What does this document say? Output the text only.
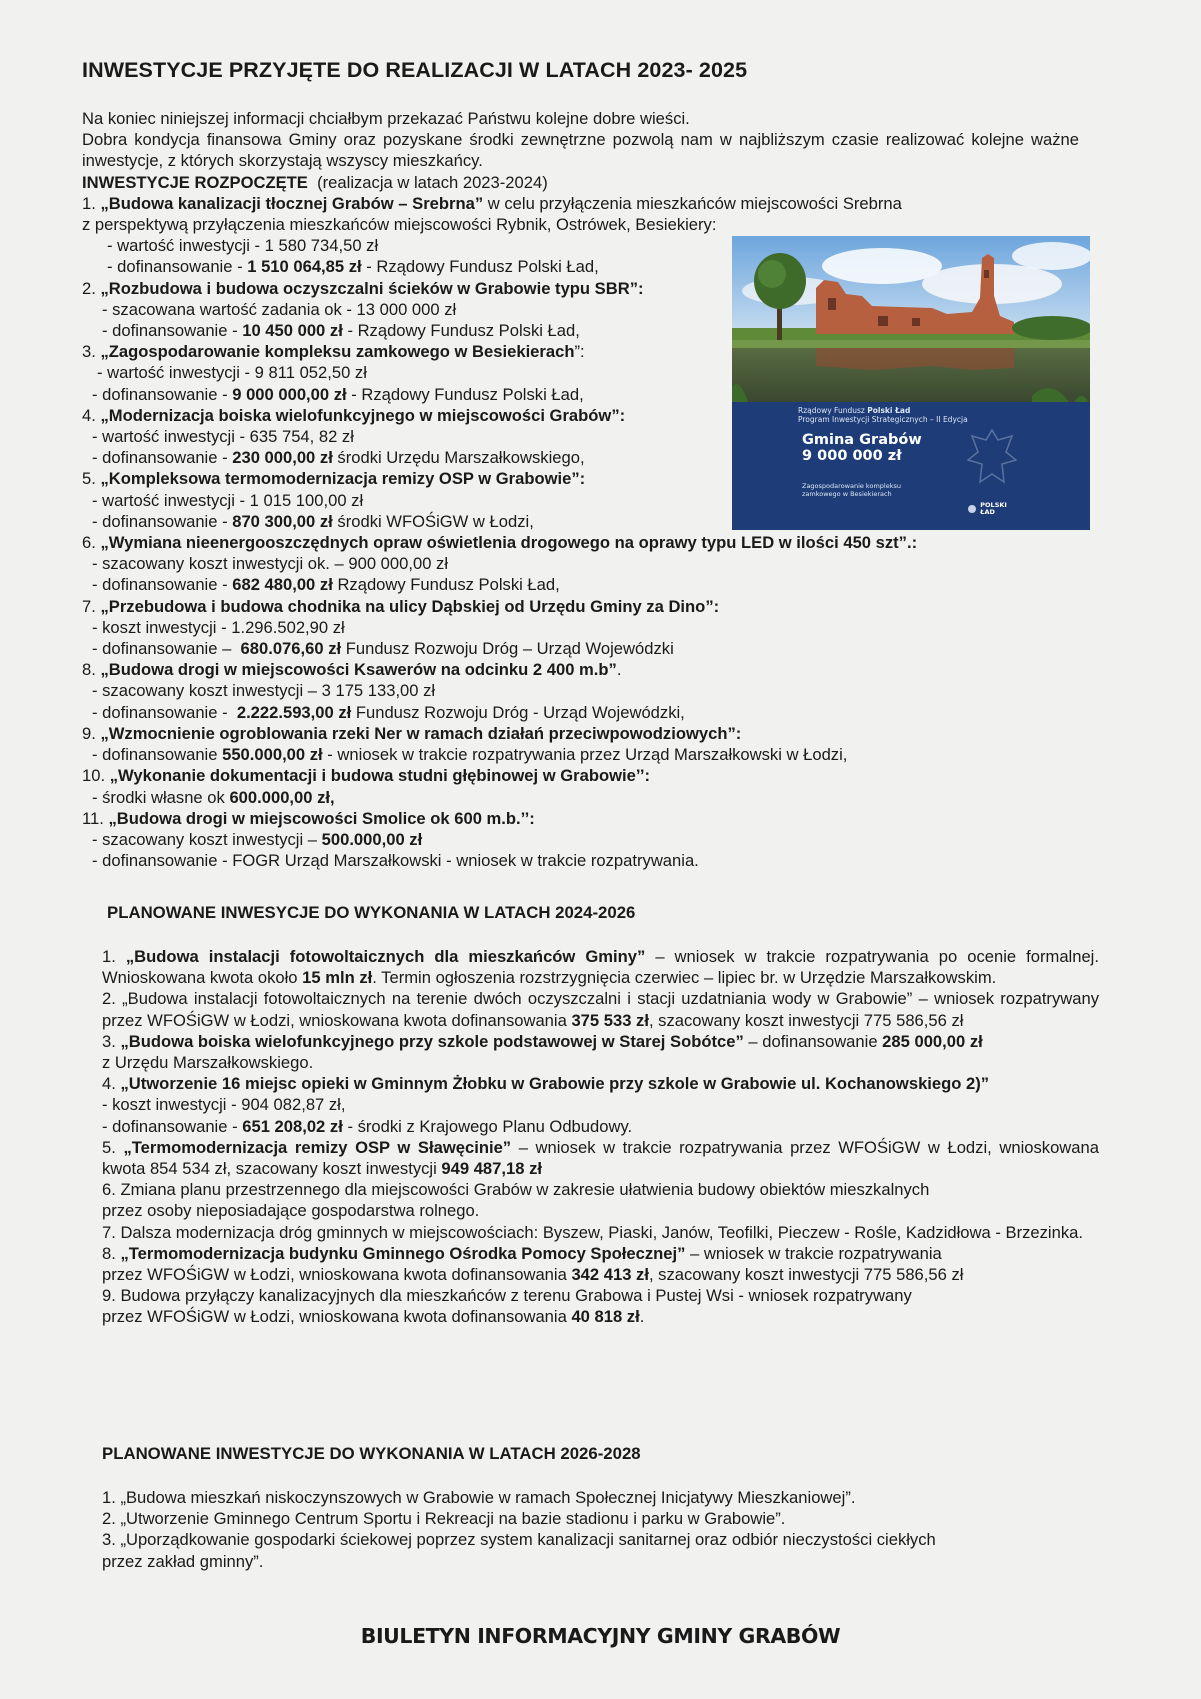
INWESTYCJE PRZYJĘTE DO REALIZACJI W LATACH 2023- 2025
Na koniec niniejszej informacji chciałbym przekazać Państwu kolejne dobre wieści.
Dobra kondycja finansowa Gminy oraz pozyskane środki zewnętrzne pozwolą nam w najbliższym czasie realizować kolejne ważne inwestycje, z których skorzystają wszyscy mieszkańcy.
INWESTYCJE ROZPOCZĘTE (realizacja w latach 2023-2024)
1. „Budowa kanalizacji tłocznej Grabów – Srebrna” w celu przyłączenia mieszkańców miejscowości Srebrna
z perspektywą przyłączenia mieszkańców miejscowości Rybnik, Ostrówek, Besiekiery:
- wartość inwestycji - 1 580 734,50 zł
- dofinansowanie - 1 510 064,85 zł - Rządowy Fundusz Polski Ład,
2. „Rozbudowa i budowa oczyszczalni ścieków w Grabowie typu SBR”:
- szacowana wartość zadania ok - 13 000 000 zł
- dofinansowanie - 10 450 000 zł - Rządowy Fundusz Polski Ład,
3. „Zagospodarowanie kompleksu zamkowego w Besiekierach”:
- wartość inwestycji - 9 811 052,50 zł
- dofinansowanie - 9 000 000,00 zł - Rządowy Fundusz Polski Ład,
4. „Modernizacja boiska wielofunkcyjnego w miejscowości Grabów”:
- wartość inwestycji - 635 754, 82 zł
- dofinansowanie - 230 000,00 zł środki Urzędu Marszałkowskiego,
5. „Kompleksowa termomodernizacja remizy OSP w Grabowie”:
- wartość inwestycji - 1 015 100,00 zł
- dofinansowanie - 870 300,00 zł środki WFOŚiGW w Łodzi,
6. „Wymiana nieenergooszczędnych opraw oświetlenia drogowego na oprawy typu LED w ilości 450 szt”.:
- szacowany koszt inwestycji ok. – 900 000,00 zł
- dofinansowanie - 682 480,00 zł Rządowy Fundusz Polski Ład,
7. „Przebudowa i budowa chodnika na ulicy Dąbskiej od Urzędu Gminy za Dino”:
- koszt inwestycji - 1.296.502,90 zł
- dofinansowanie – 680.076,60 zł Fundusz Rozwoju Dróg – Urząd Wojewódzki
8. „Budowa drogi w miejscowości Ksawerów na odcinku 2 400 m.b”.
- szacowany koszt inwestycji – 3 175 133,00 zł
- dofinansowanie - 2.222.593,00 zł Fundusz Rozwoju Dróg - Urząd Wojewódzki,
9. „Wzmocnienie ogroblowania rzeki Ner w ramach działań przeciwpowodziowych”:
- dofinansowanie 550.000,00 zł - wniosek w trakcie rozpatrywania przez Urząd Marszałkowski w Łodzi,
10. „Wykonanie dokumentacji i budowa studni głębinowej w Grabowie’’:
- środki własne ok 600.000,00 zł,
11. „Budowa drogi w miejscowości Smolice ok 600 m.b.’’:
- szacowany koszt inwestycji – 500.000,00 zł
- dofinansowanie - FOGR Urząd Marszałkowski - wniosek w trakcie rozpatrywania.
Rządowy Fundusz Polski Ład
Program Inwestycji Strategicznych – II Edycja
Gmina Grabów
9 000 000 zł
Zagospodarowanie kompleksu
zamkowego w Besiekierach
POLSKI
ŁAD
PLANOWANE INWESYCJE DO WYKONANIA W LATACH 2024-2026
1. „Budowa instalacji fotowoltaicznych dla mieszkańców Gminy” – wniosek w trakcie rozpatrywania po ocenie formalnej. Wnioskowana kwota około 15 mln zł. Termin ogłoszenia rozstrzygnięcia czerwiec – lipiec br. w Urzędzie Marszałkowskim.
2. „Budowa instalacji fotowoltaicznych na terenie dwóch oczyszczalni i stacji uzdatniania wody w Grabowie” – wniosek rozpatrywany przez WFOŚiGW w Łodzi, wnioskowana kwota dofinansowania 375 533 zł, szacowany koszt inwestycji 775 586,56 zł
3. „Budowa boiska wielofunkcyjnego przy szkole podstawowej w Starej Sobótce” – dofinansowanie 285 000,00 zł
z Urzędu Marszałkowskiego.
4. „Utworzenie 16 miejsc opieki w Gminnym Żłobku w Grabowie przy szkole w Grabowie ul. Kochanowskiego 2)”
- koszt inwestycji - 904 082,87 zł,
- dofinansowanie - 651 208,02 zł - środki z Krajowego Planu Odbudowy.
5. „Termomodernizacja remizy OSP w Sławęcinie” – wniosek w trakcie rozpatrywania przez WFOŚiGW w Łodzi, wnioskowana kwota 854 534 zł, szacowany koszt inwestycji 949 487,18 zł
6. Zmiana planu przestrzennego dla miejscowości Grabów w zakresie ułatwienia budowy obiektów mieszkalnych
przez osoby nieposiadające gospodarstwa rolnego.
7. Dalsza modernizacja dróg gminnych w miejscowościach: Byszew, Piaski, Janów, Teofilki, Pieczew - Rośle, Kadzidłowa - Brzezinka.
8. „Termomodernizacja budynku Gminnego Ośrodka Pomocy Społecznej” – wniosek w trakcie rozpatrywania
przez WFOŚiGW w Łodzi, wnioskowana kwota dofinansowania 342 413 zł, szacowany koszt inwestycji 775 586,56 zł
9. Budowa przyłączy kanalizacyjnych dla mieszkańców z terenu Grabowa i Pustej Wsi - wniosek rozpatrywany
przez WFOŚiGW w Łodzi, wnioskowana kwota dofinansowania 40 818 zł.
PLANOWANE INWESTYCJE DO WYKONANIA W LATACH 2026-2028
1. „Budowa mieszkań niskoczynszowych w Grabowie w ramach Społecznej Inicjatywy Mieszkaniowej”.
2. „Utworzenie Gminnego Centrum Sportu i Rekreacji na bazie stadionu i parku w Grabowie”.
3. „Uporządkowanie gospodarki ściekowej poprzez system kanalizacji sanitarnej oraz odbiór nieczystości ciekłych
przez zakład gminny”.
BIULETYN INFORMACYJNY GMINY GRABÓW
